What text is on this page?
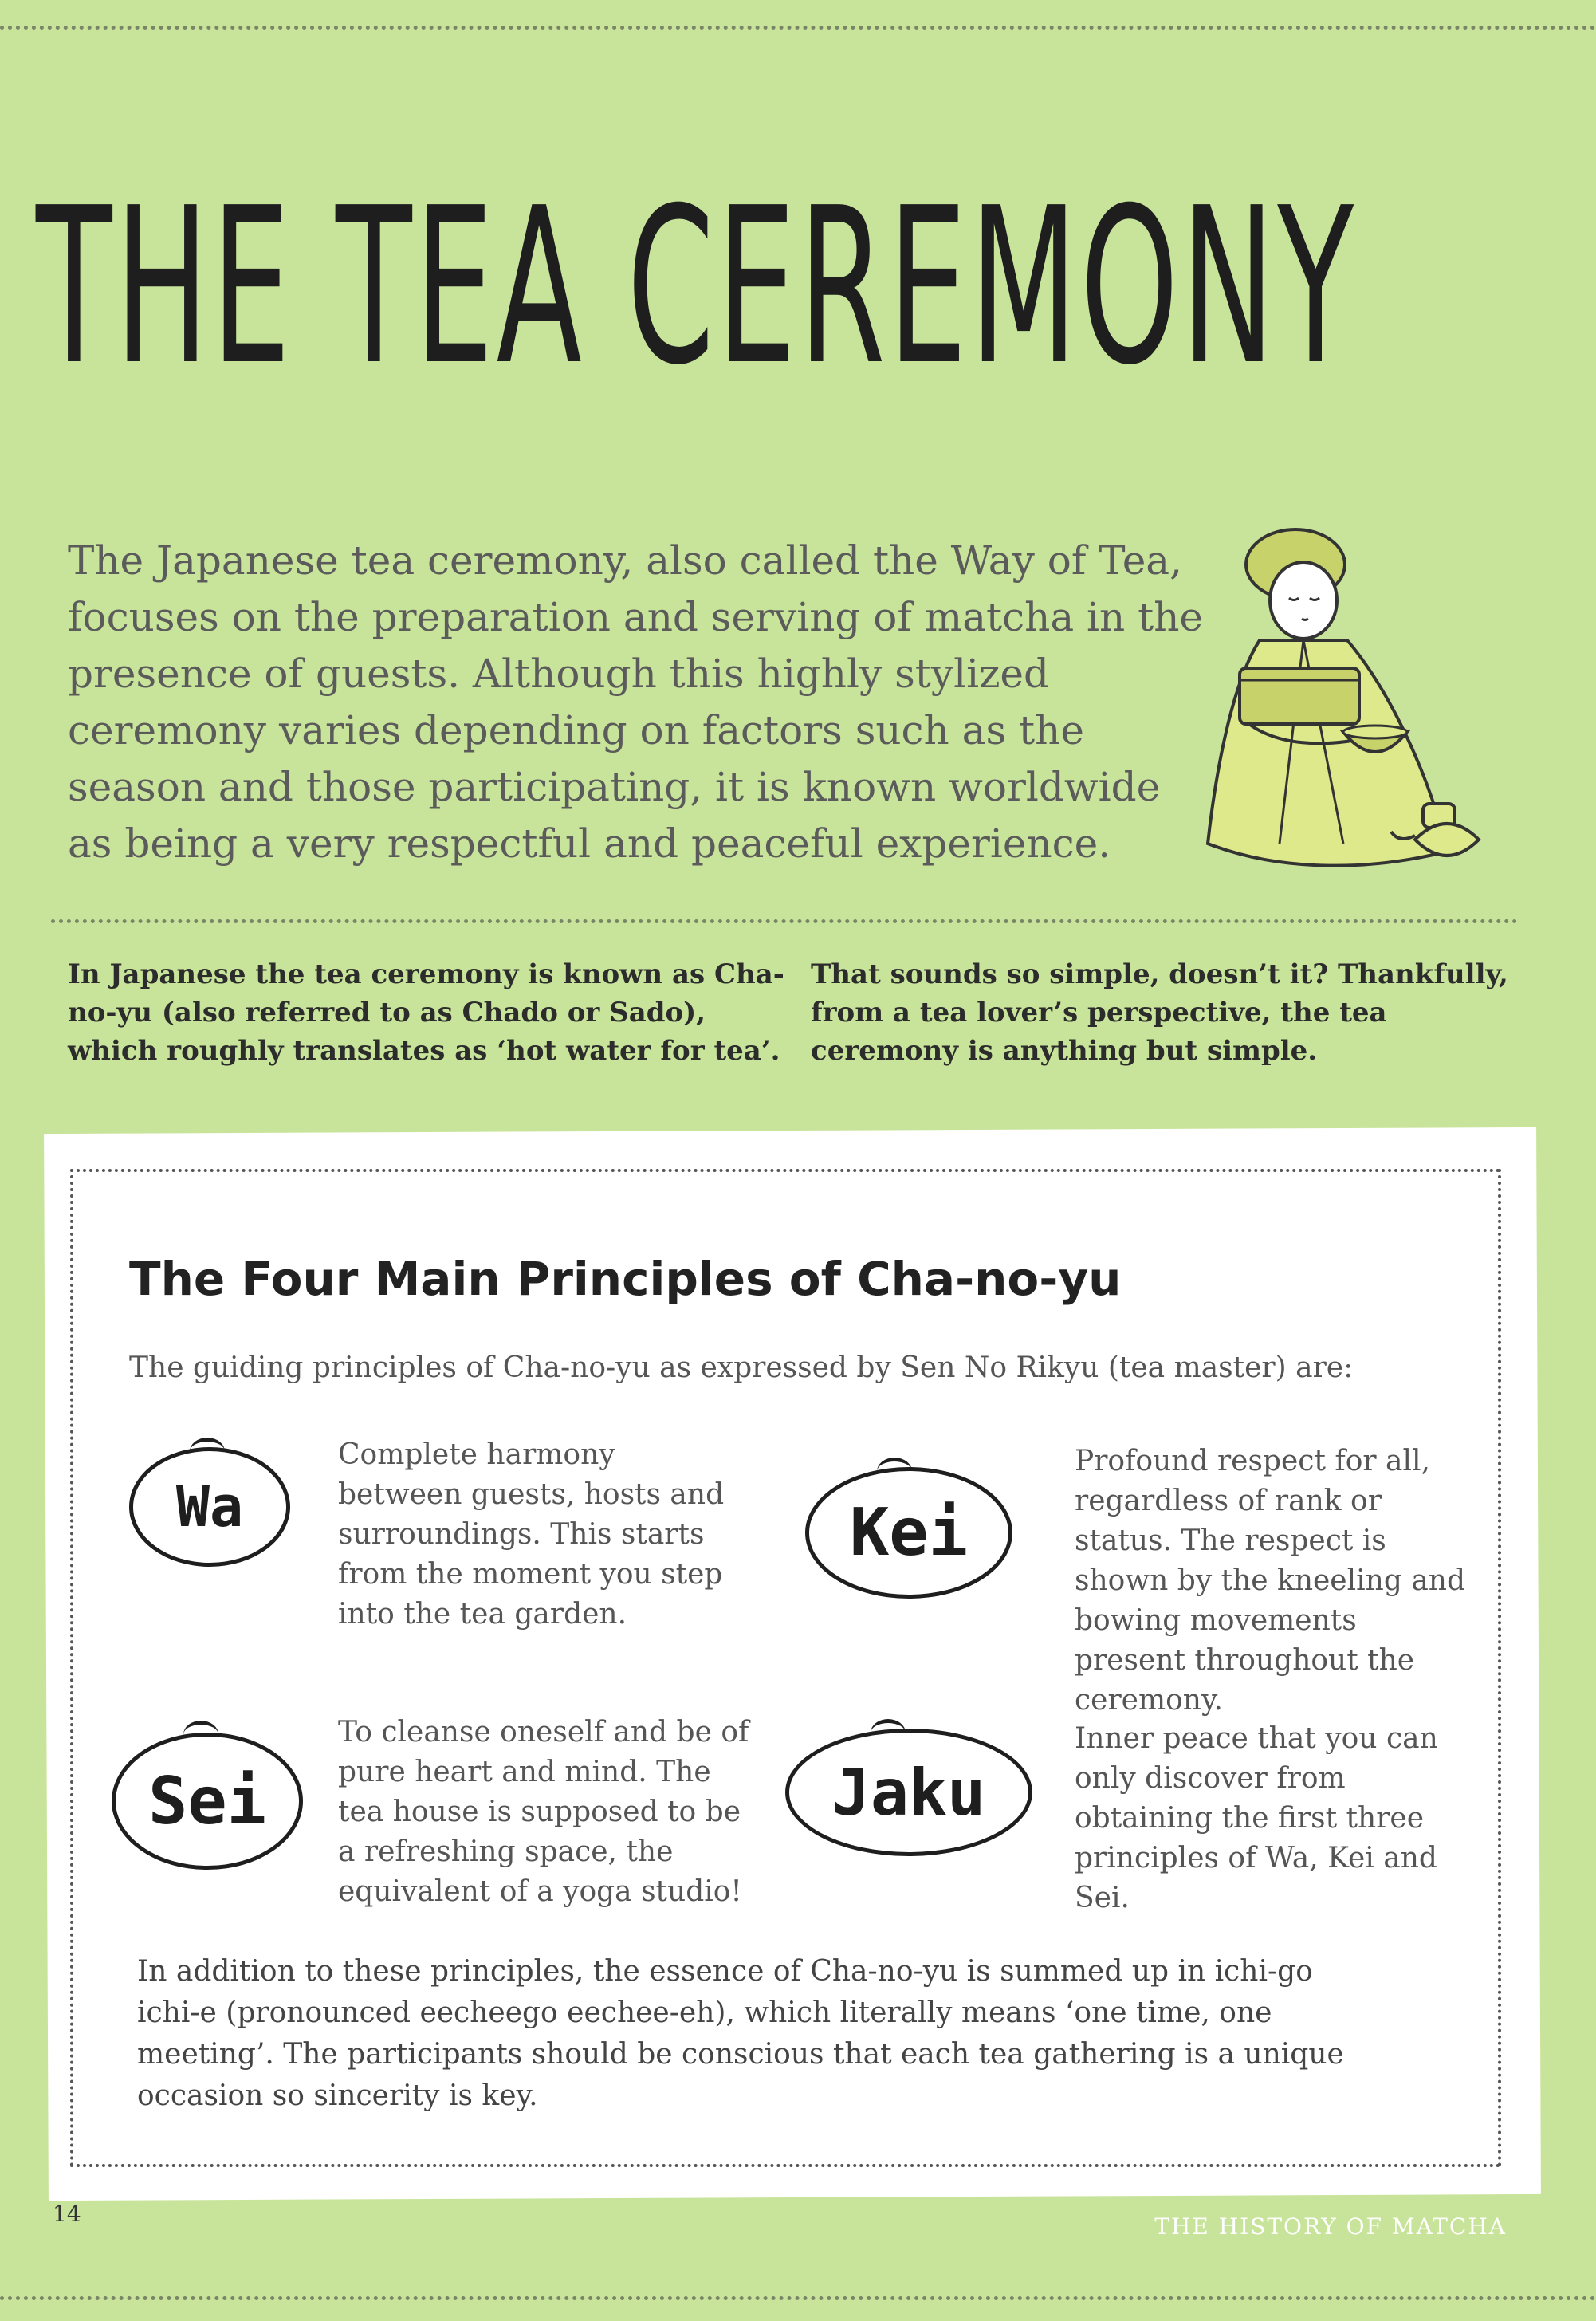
THE TEA CEREMONY

The Japanese tea ceremony, also called the Way of Tea, focuses on the preparation and serving of matcha in the presence of guests. Although this highly stylized ceremony varies depending on factors such as the season and those participating, it is known worldwide as being a very respectful and peaceful experience.

In Japanese the tea ceremony is known as Cha-no-yu (also referred to as Chado or Sado), which roughly translates as ‘hot water for tea’.

That sounds so simple, doesn’t it? Thankfully, from a tea lover’s perspective, the tea ceremony is anything but simple.

The Four Main Principles of Cha-no-yu

The guiding principles of Cha-no-yu as expressed by Sen No Rikyu (tea master) are:

Wa

Complete harmony between guests, hosts and surroundings. This starts from the moment you step into the tea garden.

Kei

Profound respect for all, regardless of rank or status. The respect is shown by the kneeling and bowing movements present throughout the ceremony.

Sei

To cleanse oneself and be of pure heart and mind. The tea house is supposed to be a refreshing space, the equivalent of a yoga studio!

Jaku

Inner peace that you can only discover from obtaining the first three principles of Wa, Kei and Sei.

In addition to these principles, the essence of Cha-no-yu is summed up in ichi-go ichi-e (pronounced eecheego eechee-eh), which literally means ‘one time, one meeting’. The participants should be conscious that each tea gathering is a unique occasion so sincerity is key.

14	THE HISTORY OF MATCHA
